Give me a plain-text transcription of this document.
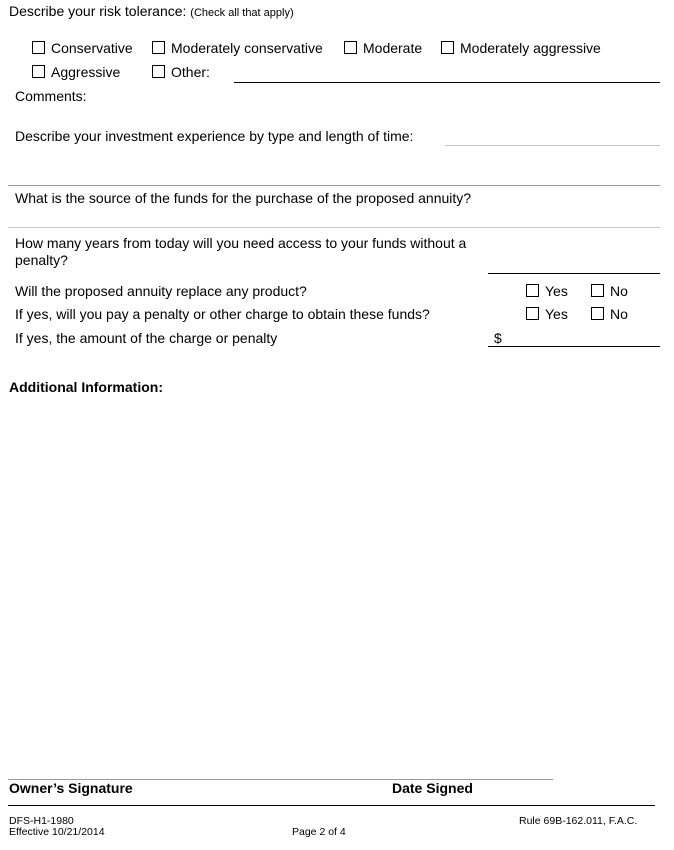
Describe your risk tolerance: (Check all that apply)
Conservative	Moderately conservative	Moderate	Moderately aggressive
Aggressive	Other:
Comments:
Describe your investment experience by type and length of time:
What is the source of the funds for the purchase of the proposed annuity?
How many years from today will you need access to your funds without a
penalty?
Will the proposed annuity replace any product?	Yes	No
If yes, will you pay a penalty or other charge to obtain these funds?	Yes	No
If yes, the amount of the charge or penalty	$
Additional Information:
Owner’s Signature	Date Signed
DFS-H1-1980
Effective 10/21/2014	Page 2 of 4
Rule 69B-162.011, F.A.C.
